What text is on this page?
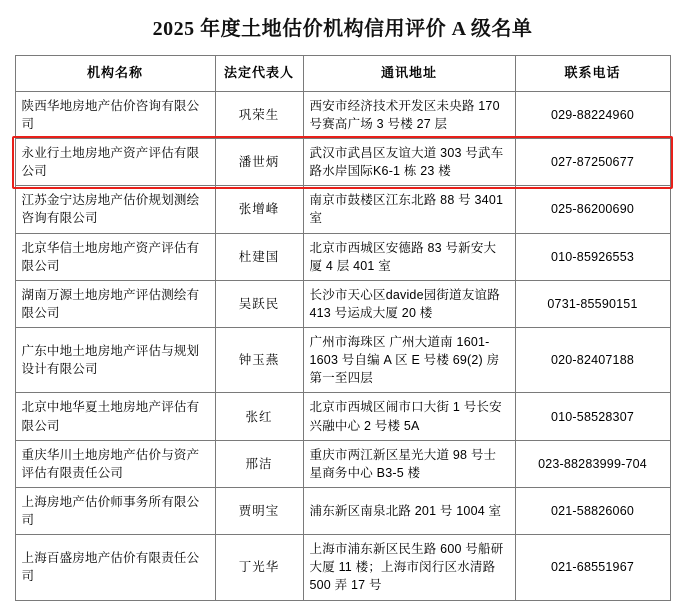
2025 年度土地估价机构信用评价 A 级名单
机构名称	法定代表人	通讯地址	联系电话
陕西华地房地产估价咨询有限公司	巩荣生	西安市经济技术开发区未央路 170 号赛高广场 3 号楼 27 层	029-88224960
永业行土地房地产资产评估有限公司	潘世炳	武汉市武昌区友谊大道 303 号武车路水岸国际K6-1 栋 23 楼	027-87250677
江苏金宁达房地产估价规划测绘咨询有限公司	张增峰	南京市鼓楼区江东北路 88 号 3401 室	025-86200690
北京华信土地房地产资产评估有限公司	杜建国	北京市西城区安德路 83 号新安大厦 4 层 401 室	010-85926553
湖南万源土地房地产评估测绘有限公司	吴跃民	长沙市天心区davide园街道友谊路 413 号运成大厦 20 楼	0731-85590151
广东中地土地房地产评估与规划设计有限公司	钟玉燕	广州市海珠区 广州大道南 1601-1603 号自编 A 区 E 号楼 69(2) 房第一至四层	020-82407188
北京中地华夏土地房地产评估有限公司	张红	北京市西城区闹市口大街 1 号长安兴融中心 2 号楼 5A	010-58528307
重庆华川土地房地产估价与资产评估有限责任公司	邢洁	重庆市两江新区星光大道 98 号士星商务中心 B3-5 楼	023-88283999-704
上海房地产估价师事务所有限公司	贾明宝	浦东新区南泉北路 201 号 1004 室	021-58826060
上海百盛房地产估价有限责任公司	丁光华	上海市浦东新区民生路 600 号船研大厦 11 楼；上海市闵行区水清路 500 弄 17 号	021-68551967
